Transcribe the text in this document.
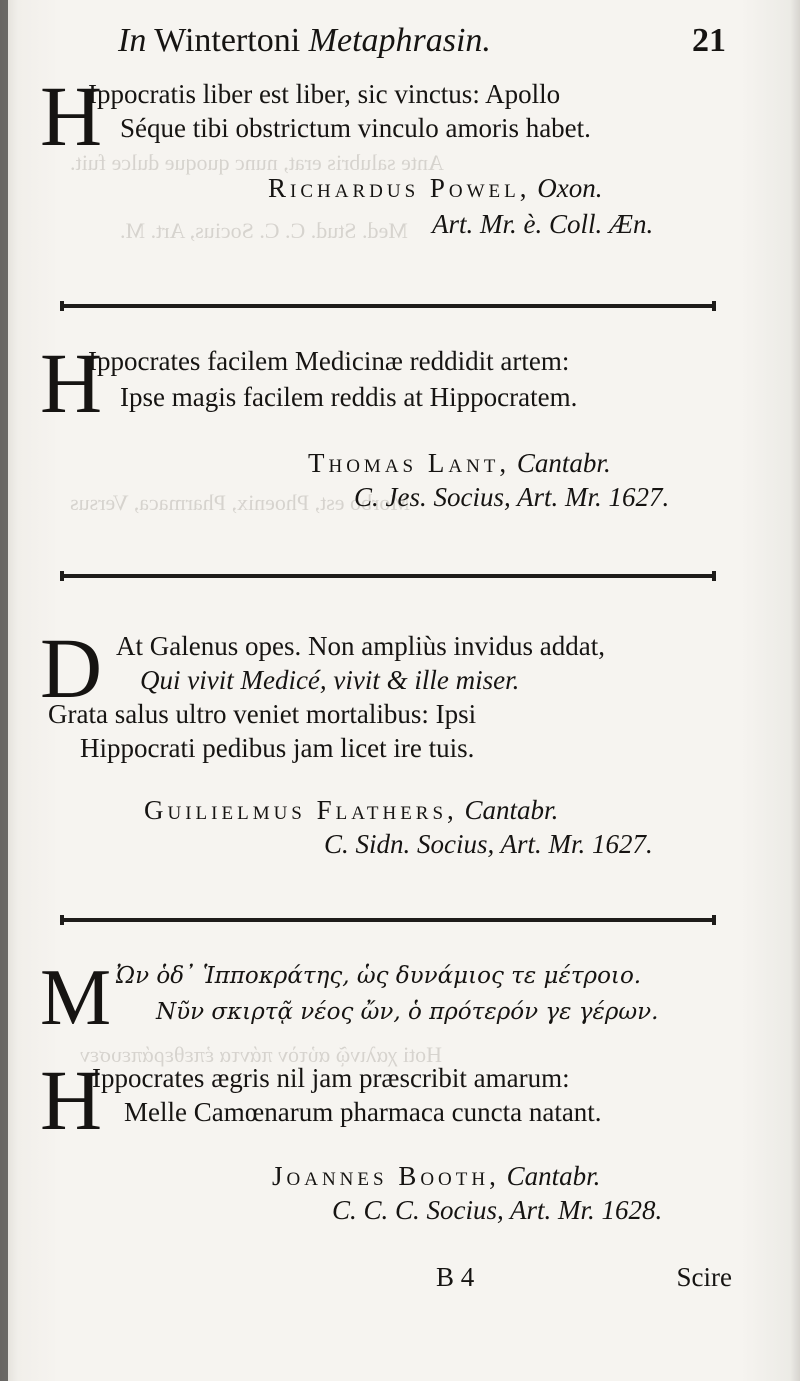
Ante salubris erat, nunc quoque dulce fuit.
Med. Stud. C. C. Socius, Art. M.
Morbo est, Phoenix, Pharmaca, Versus
Hoti χαλινῷ αὐτὸν πάντα ἐπεθεράπευσεν
In Wintertoni Metaphrasin.	21
H
Ippocratis liber est liber, sic vinctus: Apollo
Séque tibi obstrictum vinculo amoris habet.
Richardus Powel, Oxon.
Art. Mr. è. Coll. Æn.
H
Ippocrates facilem Medicinæ reddidit artem:
Ipse magis facilem reddis at Hippocratem.
Thomas Lant, Cantabr.
C. Jes. Socius, Art. Mr. 1627.
D At Galenus opes. Non ampliùs invidus addat,
Qui vivit Medicé, vivit & ille miser.
Grata salus ultro veniet mortalibus: Ipsi
Hippocrati pedibus jam licet ire tuis.
Guilielmus Flathers, Cantabr.
C. Sidn. Socius, Art. Mr. 1627.
M Ὠν ὁδ᾽ Ἱπποκράτης, ὡς δυνάμιος τε μέτροιο.
Νῦν σκιρτᾷ νέος ὤν, ὁ πρότερόν γε γέρων.
H
Ippocrates ægris nil jam præscribit amarum:
Melle Camœnarum pharmaca cuncta natant.
Joannes Booth, Cantabr.
C. C. C. Socius, Art. Mr. 1628.
B 4	Scire
